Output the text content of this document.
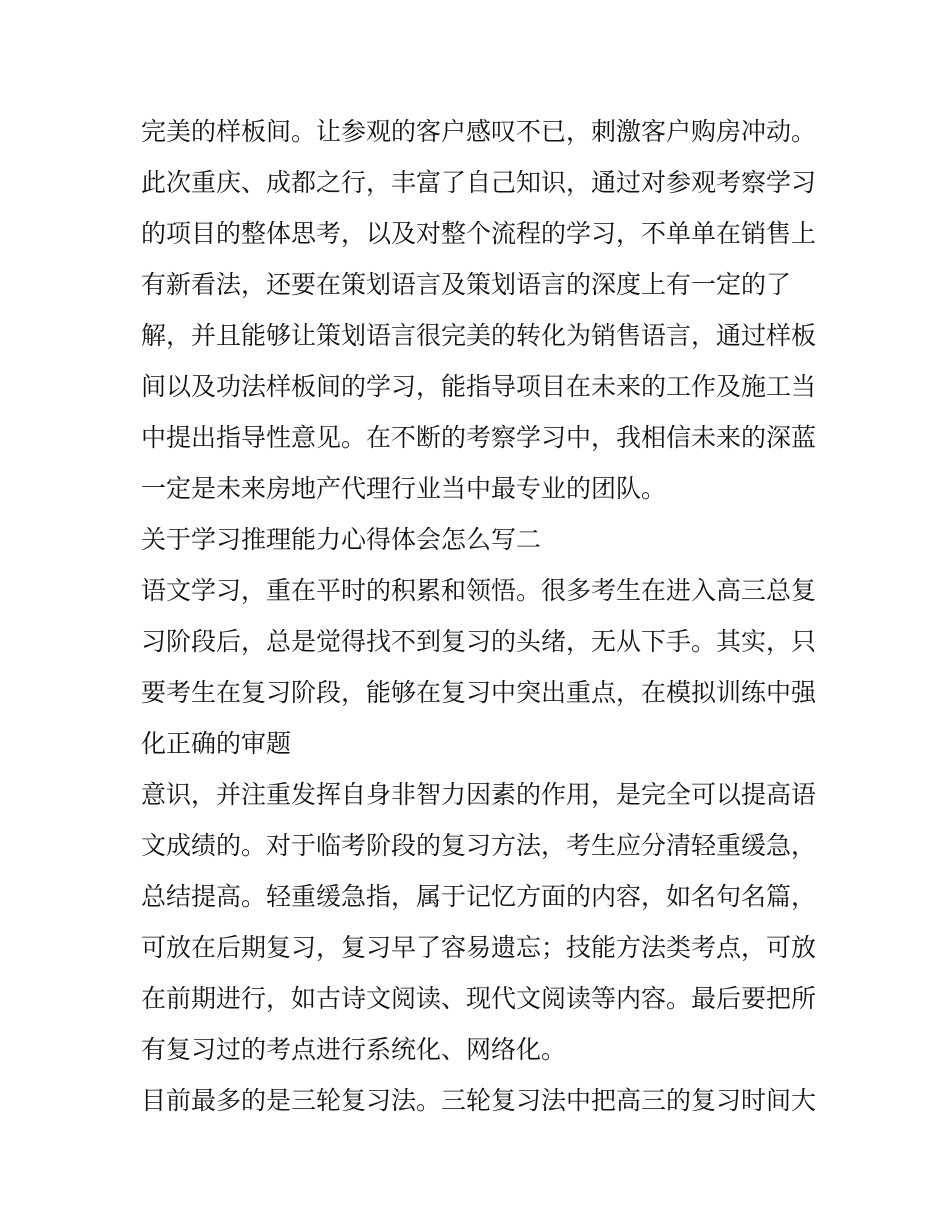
完美的样板间。让参观的客户感叹不已，刺激客户购房冲动。
此次重庆、成都之行，丰富了自己知识，通过对参观考察学习
的项目的整体思考，以及对整个流程的学习，不单单在销售上
有新看法，还要在策划语言及策划语言的深度上有一定的了
解，并且能够让策划语言很完美的转化为销售语言，通过样板
间以及功法样板间的学习，能指导项目在未来的工作及施工当
中提出指导性意见。在不断的考察学习中，我相信未来的深蓝
一定是未来房地产代理行业当中最专业的团队。
关于学习推理能力心得体会怎么写二
语文学习，重在平时的积累和领悟。很多考生在进入高三总复
习阶段后，总是觉得找不到复习的头绪，无从下手。其实，只
要考生在复习阶段，能够在复习中突出重点，在模拟训练中强
化正确的审题
意识，并注重发挥自身非智力因素的作用，是完全可以提高语
文成绩的。对于临考阶段的复习方法，考生应分清轻重缓急，
总结提高。轻重缓急指，属于记忆方面的内容，如名句名篇，
可放在后期复习，复习早了容易遗忘；技能方法类考点，可放
在前期进行，如古诗文阅读、现代文阅读等内容。最后要把所
有复习过的考点进行系统化、网络化。
目前最多的是三轮复习法。三轮复习法中把高三的复习时间大
